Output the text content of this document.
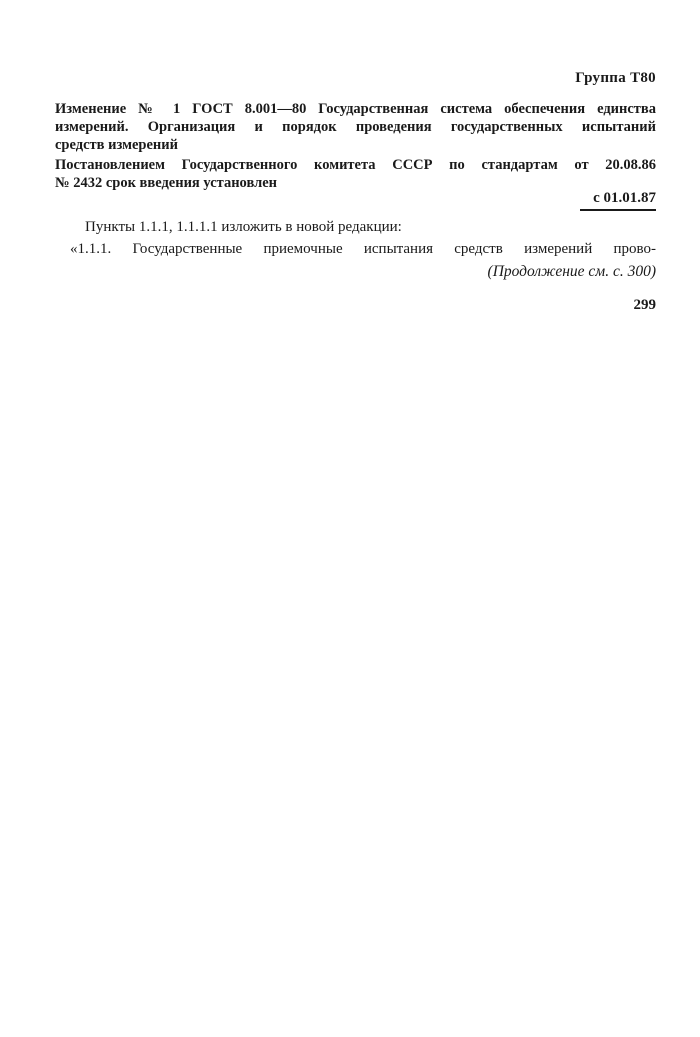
Группа Т80
Изменение № 1 ГОСТ 8.001—80 Государственная система обеспечения единства
измерений. Организация и порядок проведения государственных испытаний
средств измерений
Постановлением Государственного комитета СССР по стандартам от 20.08.86
№ 2432 срок введения установлен
с 01.01.87
Пункты 1.1.1, 1.1.1.1 изложить в новой редакции:
«1.1.1. Государственные приемочные испытания средств измерений прово-
(Продолжение см. с. 300)
299
